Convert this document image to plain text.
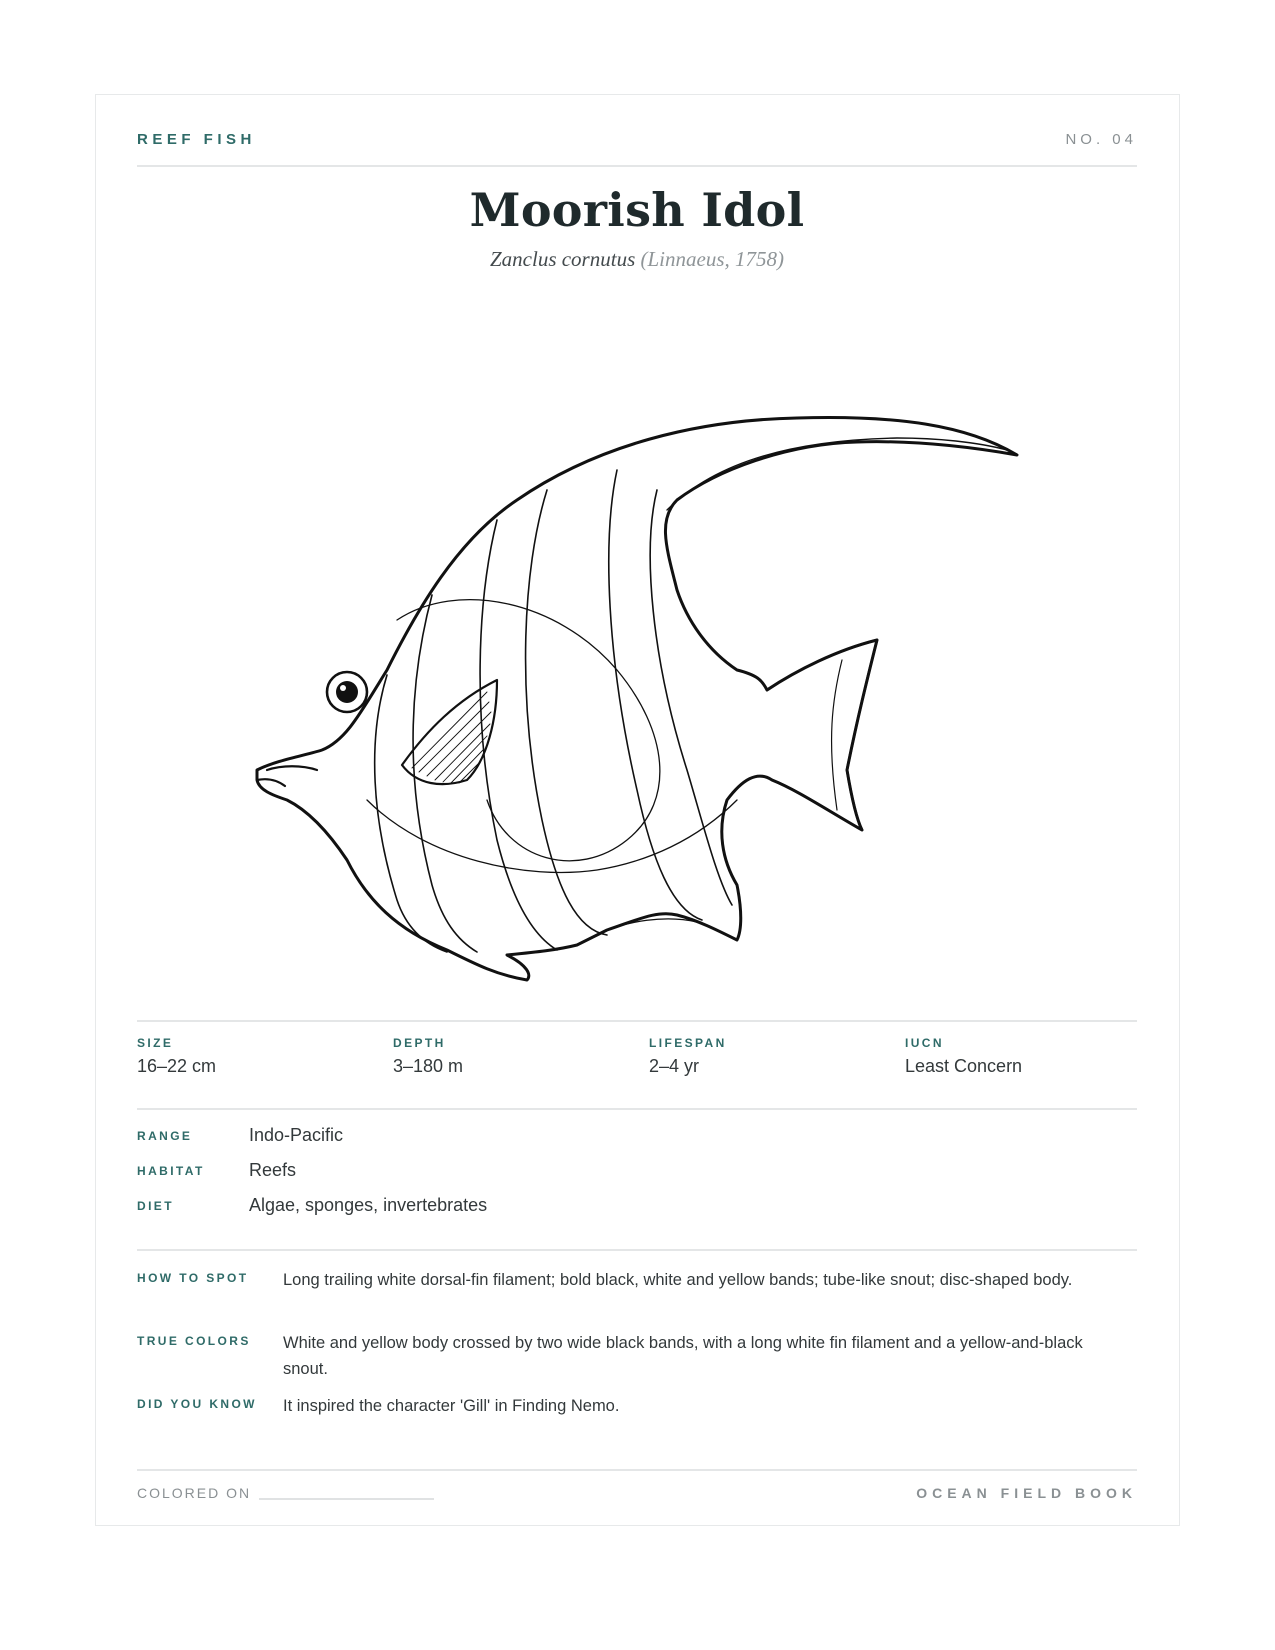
REEF FISH	NO. 04
Moorish Idol
Zanclus cornutus (Linnaeus, 1758)
SIZE
16–22 cm
DEPTH
3–180 m
LIFESPAN
2–4 yr
IUCN
Least Concern
RANGE	Indo-Pacific
HABITAT Reefs
DIET	Algae, sponges, invertebrates
HOW TO SPOT Long trailing white dorsal-fin filament; bold black, white and yellow bands; tube-like snout; disc-shaped body.
TRUE COLORS White and yellow body crossed by two wide black bands, with a long white fin filament and a yellow-and-black snout.
DID YOU KNOW It inspired the character 'Gill' in Finding Nemo.
COLORED ON	OCEAN FIELD BOOK
